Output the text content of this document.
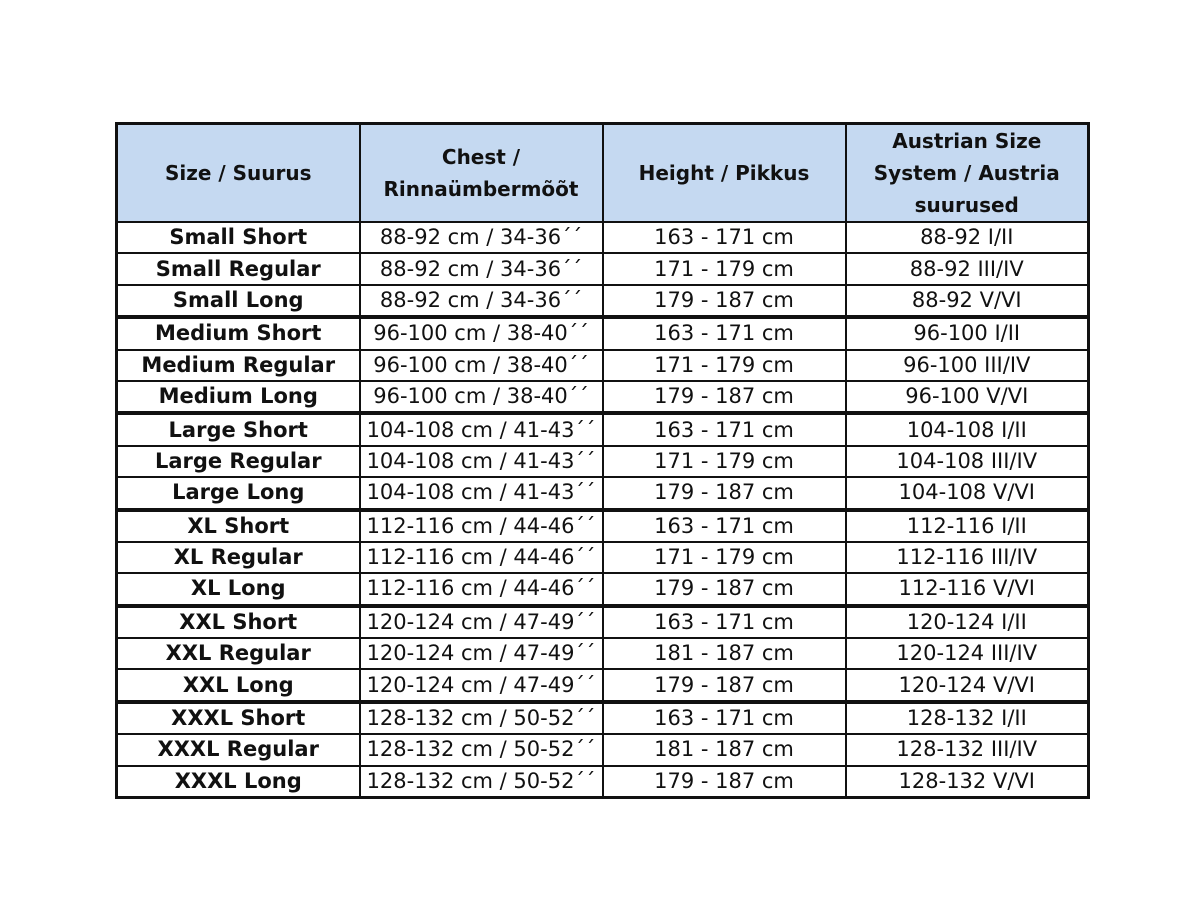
Size / Suurus	Chest / Rinnaümbermõõt	Height / Pikkus	Austrian Size System / Austria suurused
Small Short	88-92 cm / 34-36´´	163 - 171 cm	88-92 I/II
Small Regular	88-92 cm / 34-36´´	171 - 179 cm	88-92 III/IV
Small Long	88-92 cm / 34-36´´	179 - 187 cm	88-92 V/VI
Medium Short	96-100 cm / 38-40´´	163 - 171 cm	96-100 I/II
Medium Regular	96-100 cm / 38-40´´	171 - 179 cm	96-100 III/IV
Medium Long	96-100 cm / 38-40´´	179 - 187 cm	96-100 V/VI
Large Short	104-108 cm / 41-43´´	163 - 171 cm	104-108 I/II
Large Regular	104-108 cm / 41-43´´	171 - 179 cm	104-108 III/IV
Large Long	104-108 cm / 41-43´´	179 - 187 cm	104-108 V/VI
XL Short	112-116 cm / 44-46´´	163 - 171 cm	112-116 I/II
XL Regular	112-116 cm / 44-46´´	171 - 179 cm	112-116 III/IV
XL Long	112-116 cm / 44-46´´	179 - 187 cm	112-116 V/VI
XXL Short	120-124 cm / 47-49´´	163 - 171 cm	120-124 I/II
XXL Regular	120-124 cm / 47-49´´	181 - 187 cm	120-124 III/IV
XXL Long	120-124 cm / 47-49´´	179 - 187 cm	120-124 V/VI
XXXL Short	128-132 cm / 50-52´´	163 - 171 cm	128-132 I/II
XXXL Regular	128-132 cm / 50-52´´	181 - 187 cm	128-132 III/IV
XXXL Long	128-132 cm / 50-52´´	179 - 187 cm	128-132 V/VI
